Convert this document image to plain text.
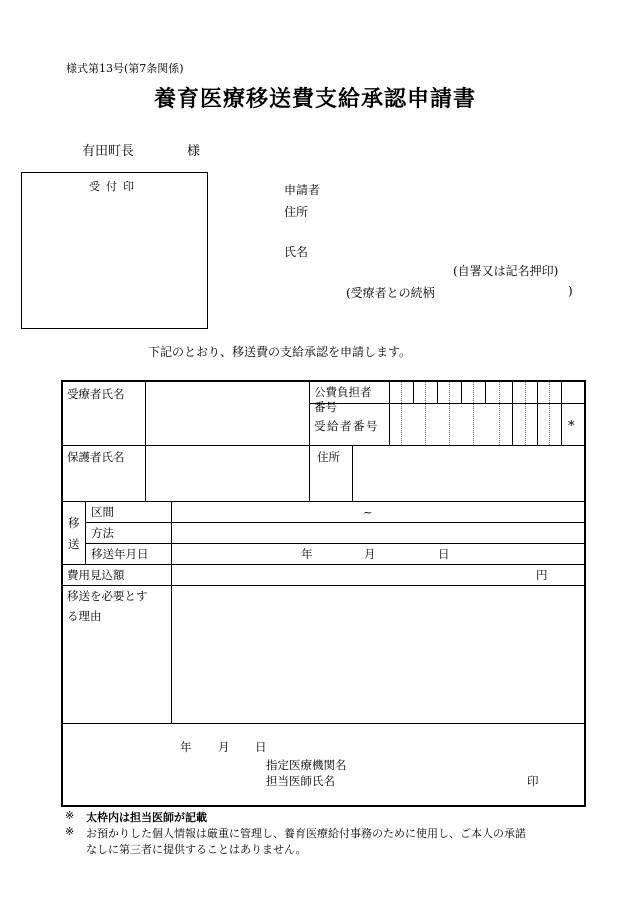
様式第13号(第7条関係)
養育医療移送費支給承認申請書
有田町長	様
受付印	申請者
住所
氏名
(自署又は記名押印)
(受療者との続柄	)
下記のとおり、移送費の支給承認を申請します。
受療者氏名	公費負担者
番号
受給者番号	*
保護者氏名	住所
移
送
区間	~
方法
移送年月日	年	月	日
費用見込額	円
移送を必要とす
る理由
年 月 日
指定医療機関名
担当医師氏名	印
※ 太枠内は担当医師が記載
※ お預かりした個人情報は厳重に管理し、養育医療給付事務のために使用し、ご本人の承諾
なしに第三者に提供することはありません。
